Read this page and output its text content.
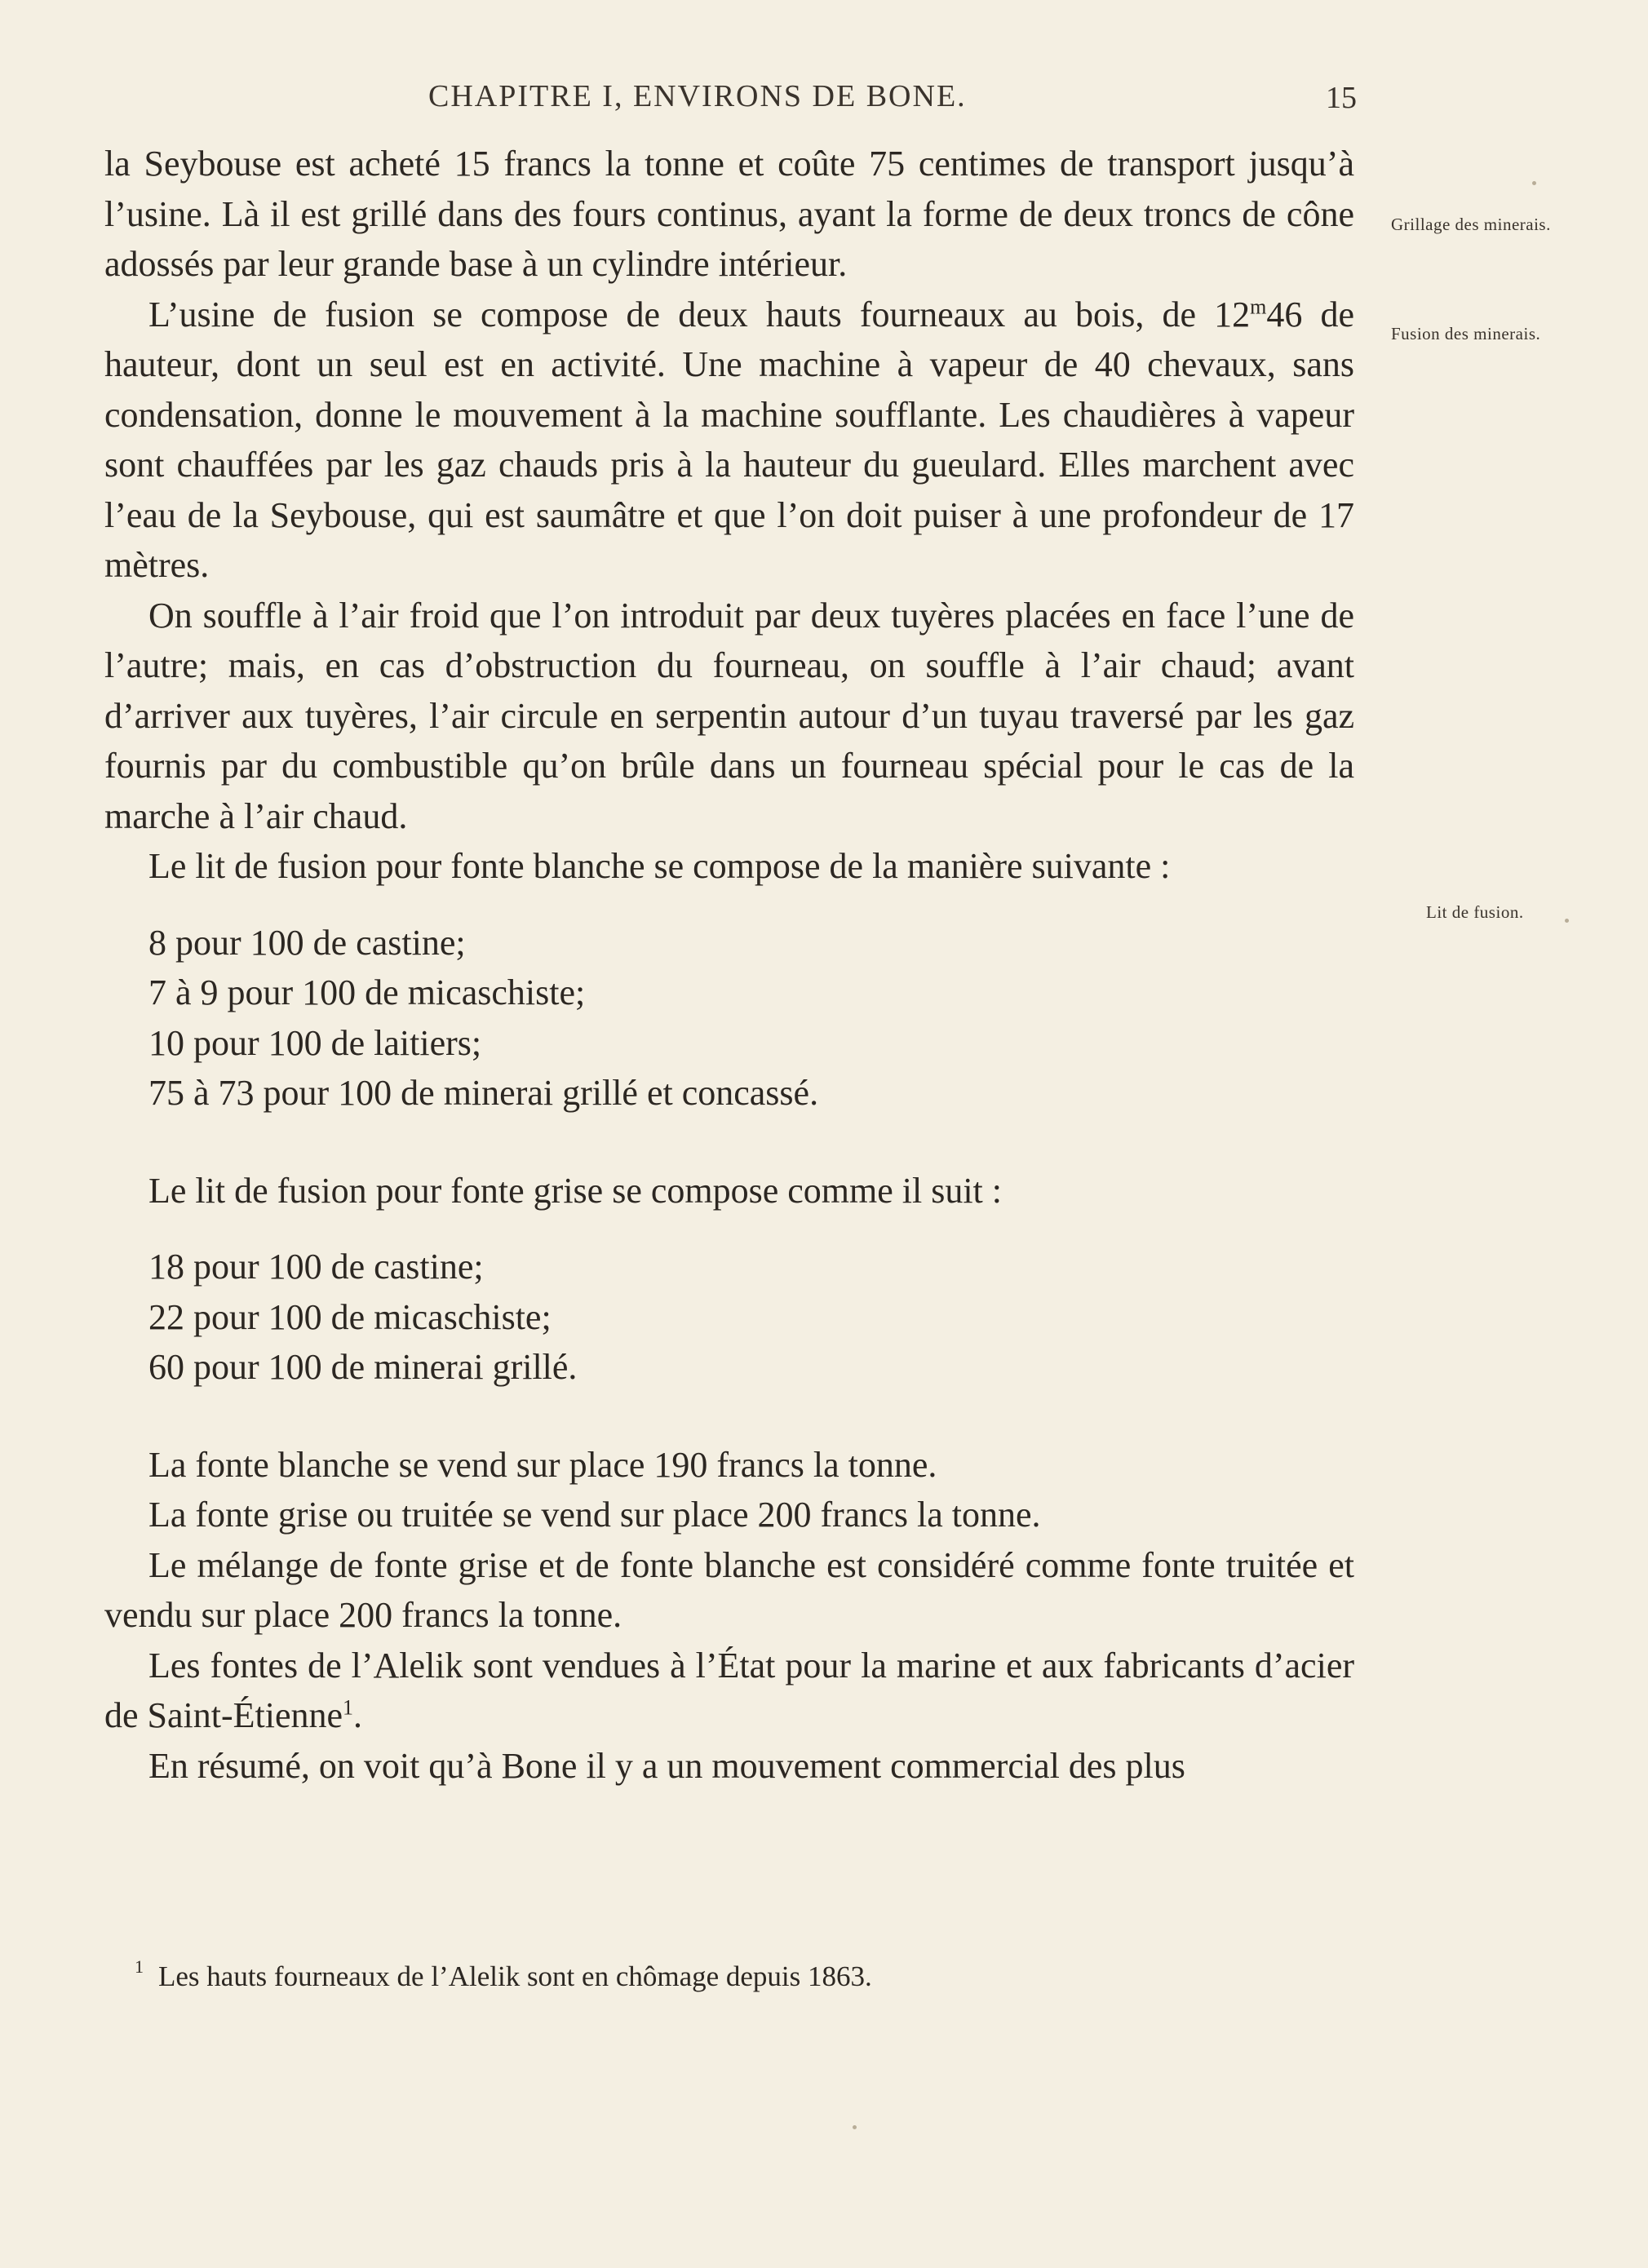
CHAPITRE I, ENVIRONS DE BONE.	15
Grillage des minerais.
Fusion des minerais.
Lit de fusion.

la Seybouse est acheté 15 francs la tonne et coûte 75 centimes de transport jusqu’à l’usine. Là il est grillé dans des fours continus, ayant la forme de deux troncs de cône adossés par leur grande base à un cylindre intérieur.

L’usine de fusion se compose de deux hauts fourneaux au bois, de 12$^m$46 de hauteur, dont un seul est en activité. Une machine à vapeur de 40 chevaux, sans condensation, donne le mouvement à la machine soufflante. Les chaudières à vapeur sont chauffées par les gaz chauds pris à la hauteur du gueulard. Elles marchent avec l’eau de la Seybouse, qui est saumâtre et que l’on doit puiser à une profondeur de 17 mètres.

On souffle à l’air froid que l’on introduit par deux tuyères placées en face l’une de l’autre; mais, en cas d’obstruction du fourneau, on souffle à l’air chaud; avant d’arriver aux tuyères, l’air circule en serpentin autour d’un tuyau traversé par les gaz fournis par du combustible qu’on brûle dans un fourneau spécial pour le cas de la marche à l’air chaud.

Le lit de fusion pour fonte blanche se compose de la manière suivante :

8 pour 100 de castine;
7 à 9 pour 100 de micaschiste;
10 pour 100 de laitiers;
75 à 73 pour 100 de minerai grillé et concassé.

Le lit de fusion pour fonte grise se compose comme il suit :

18 pour 100 de castine;
22 pour 100 de micaschiste;
60 pour 100 de minerai grillé.

La fonte blanche se vend sur place 190 francs la tonne.

La fonte grise ou truitée se vend sur place 200 francs la tonne.

Le mélange de fonte grise et de fonte blanche est considéré comme fonte truitée et vendu sur place 200 francs la tonne.

Les fontes de l’Alelik sont vendues à l’État pour la marine et aux fabricants d’acier de Saint-Étienne$^1$.

En résumé, on voit qu’à Bone il y a un mouvement commercial des plus

$^1$ Les hauts fourneaux de l’Alelik sont en chômage depuis 1863.
